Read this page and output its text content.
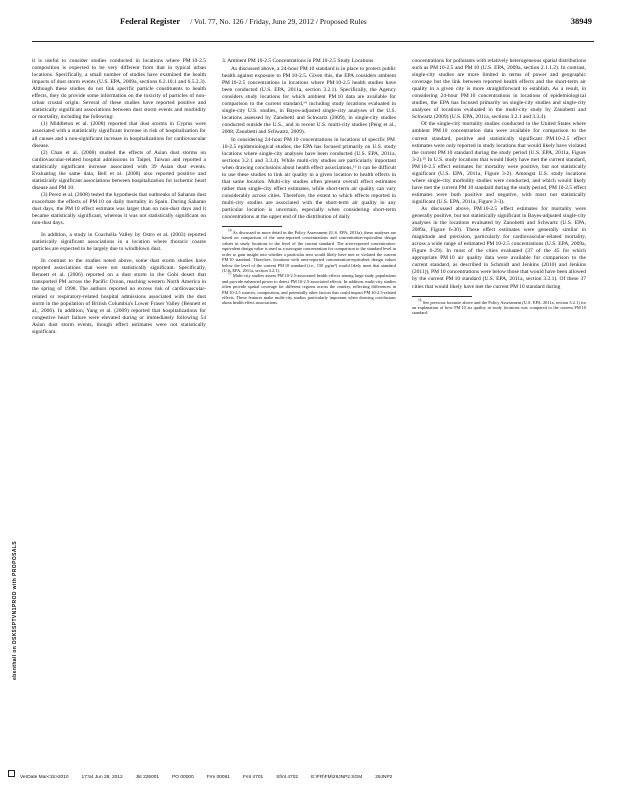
Federal Register / Vol. 77, No. 126 / Friday, June 29, 2012 / Proposed Rules	38949

it is useful to consider studies conducted in locations where PM 10-2.5 composition is expected to be very different from that in typical urban locations. Specifically, a small number of studies have examined the health impacts of dust storm events (U.S. EPA, 2009a, sections 6.2.10.1 and 6.5.2.3). Although these studies do not link specific particle constituents to health effects, they do provide some information on the toxicity of particles of non-urban crustal origin. Several of these studies have reported positive and statistically significant associations between dust storm events and morbidity or mortality, including the following:

(1) Middleton et al. (2008) reported that dust storms in Cyprus were associated with a statistically significant increase in risk of hospitalization for all causes and a non-significant increase in hospitalizations for cardiovascular disease.

(2) Chan et al. (2008) studied the effects of Asian dust storms on cardiovascular-related hospital admissions in Taipei, Taiwan and reported a statistically significant increase associated with 39 Asian dust events. Evaluating the same data, Bell et al. (2008) also reported positive and statistically significant associations between hospitalization for ischemic heart disease and PM 10.

(3) Perez et al. (2008) tested the hypothesis that outbreaks of Saharan dust exacerbate the effects of PM 10 on daily mortality in Spain. During Saharan dust days, the PM 10 effect estimate was larger than on non-dust days and it became statistically significant, whereas it was not statistically significant on non-dust days.

In addition, a study in Coachella Valley by Ostro et al. (2003) reported statistically significant associations in a location where thoracic coarse particles are expected to be largely due to windblown dust.

In contrast to the studies noted above, some dust storm studies have reported associations that were not statistically significant. Specifically, Bennett et al. (2006) reported on a dust storm in the Gobi desert that transported PM across the Pacific Ocean, reaching western North America in the spring of 1998. The authors reported no excess risk of cardiovascular-related or respiratory-related hospital admissions associated with the dust storm in the population of British Columbia's Lower Fraser Valley (Bennett et al., 2006). In addition, Yang et al. (2009) reported that hospitalizations for congestive heart failure were elevated during or immediately following 54 Asian dust storm events, though effect estimates were not statistically significant.

3. Ambient PM 10-2.5 Concentrations in PM 10-2.5 Study Locations

As discussed above, a 24-hour PM 10 standard is in place to protect public health against exposure to PM 10-2.5. Given this, the EPA considers ambient PM 10-2.5 concentrations in locations where PM 10-2.5 health studies have been conducted (U.S. EPA, 2011a, section 3.2.1). Specifically, the Agency considers study locations for which ambient PM 10 data are available for comparison to the current standard,¹⁴ including study locations evaluated in single-city U.S. studies, in Bayes-adjusted single-city analyses of the U.S. locations assessed by Zanobetti and Schwartz (2009), in single-city studies conducted outside the U.S., and in recent U.S. multi-city studies (Peng et al., 2008; Zanobetti and Schwartz, 2009).

In considering 24-hour PM 10 concentrations in locations of specific PM 10-2.5 epidemiological studies, the EPA has focused primarily on U.S. study locations where single-city analyses have been conducted (U.S. EPA, 2011a, sections 3.2.1 and 3.3.4). While multi-city studies are particularly important when drawing conclusions about health effect associations,¹⁵ it can be difficult to use these studies to link air quality in a given location to health effects in that same location. Multi-city studies often present overall effect estimates rather than single-city effect estimates, while short-term air quality can vary considerably across cities. Therefore, the extent to which effects reported in multi-city studies are associated with the short-term air quality in any particular location is uncertain, especially when considering short-term concentrations at the upper end of the distribution of daily

$^{14}$ As discussed in more detail in the Policy Assessment (U.S. EPA, 2011a), these analyses are based on comparison of the area-reported concentrations and concentration-equivalent design values in study locations to the level of the current standard. The area-reported concentration-equivalent design value is used as a surrogate concentration for comparison to the standard level in order to gain insight into whether a particular area would likely have met or violated the current PM 10 standard. Therefore, locations with area-reported concentration-equivalent design values below the level of the current PM 10 standard (i.e., 150 µg/m³) would likely meet that standard (U.S. EPA, 2011a, section 3.2.1).

$^{15}$ Multi-city studies assess PM 10-2.5-associated health effects among large study populations and provide enhanced power to detect PM 10-2.5-associated effects. In addition, multi-city studies often provide spatial coverage for different regions across the country, reflecting differences in PM 10-2.5 sources, composition, and potentially other factors that could impact PM 10-2.5-related effects. These features make multi-city studies particularly important when drawing conclusions about health effect associations.

concentrations for pollutants with relatively heterogeneous spatial distributions such as PM 10-2.5 and PM 10 (U.S. EPA, 2009a, section 2.1.1.2). In contrast, single-city studies are more limited in terms of power and geographic coverage but the link between reported health effects and the short-term air quality in a given city is more straightforward to establish. As a result, in considering 24-hour PM 10 concentrations in locations of epidemiological studies, the EPA has focused primarily on single-city studies and single-city analyses of locations evaluated in the multi-city study by Zanobetti and Schwartz (2009) (U.S. EPA, 2011a, sections 3.2.1 and 3.3.4).

Of the single-city mortality studies conducted in the United States where ambient PM 10 concentration data were available for comparison to the current standard, positive and statistically significant PM 10-2.5 effect estimates were only reported in study locations that would likely have violated the current PM 10 standard during the study period (U.S. EPA, 2011a, Figure 3-2).¹⁶ In U.S. study locations that would likely have met the current standard, PM 10-2.5 effect estimates for mortality were positive, but not statistically significant (U.S. EPA, 2011a, Figure 3-2). Amongst U.S. study locations where single-city morbidity studies were conducted, and which would likely have met the current PM 10 standard during the study period, PM 10-2.5 effect estimates were both positive and negative, with most not statistically significant (U.S. EPA, 2011a, Figure 3-3).

As discussed above, PM 10-2.5 effect estimates for mortality were generally positive, but not statistically significant in Bayes-adjusted single-city analyses in the locations evaluated by Zanobetti and Schwartz (U.S. EPA, 2009a, Figure 6-30). These effect estimates were generally similar in magnitude and precision, particularly for cardiovascular-related mortality, across a wide range of estimated PM 10-2.5 concentrations (U.S. EPA, 2009a, Figure 6-29). In most of the cities evaluated (37 of the 45 for which appropriate PM 10 air quality data were available for comparison to the current standard, as described in Schmidt and Jenkins (2010) and Jenkins (2011)), PM 10 concentrations were below those that would have been allowed by the current PM 10 standard (U.S. EPA, 2011a, section 3.2.1). Of these 37 cities that would likely have met the current PM 10 standard during

$^{16}$ See previous footnote above and the Policy Assessment (U.S. EPA, 2011a, section 3.2.1) for an explanation of how PM 10 air quality in study locations was compared to the current PM 10 standard.

ebenthall on DSK5SPTVN1PROD with PROPOSALS
VerDate Mar<15>2010	17:54 Jun 28, 2012	Jkt 226001	PO 00000	Frm 00061	Fmt 4701	Sfmt 4702	E:\FR\FM\29JNP2.SGM	29JNP2
